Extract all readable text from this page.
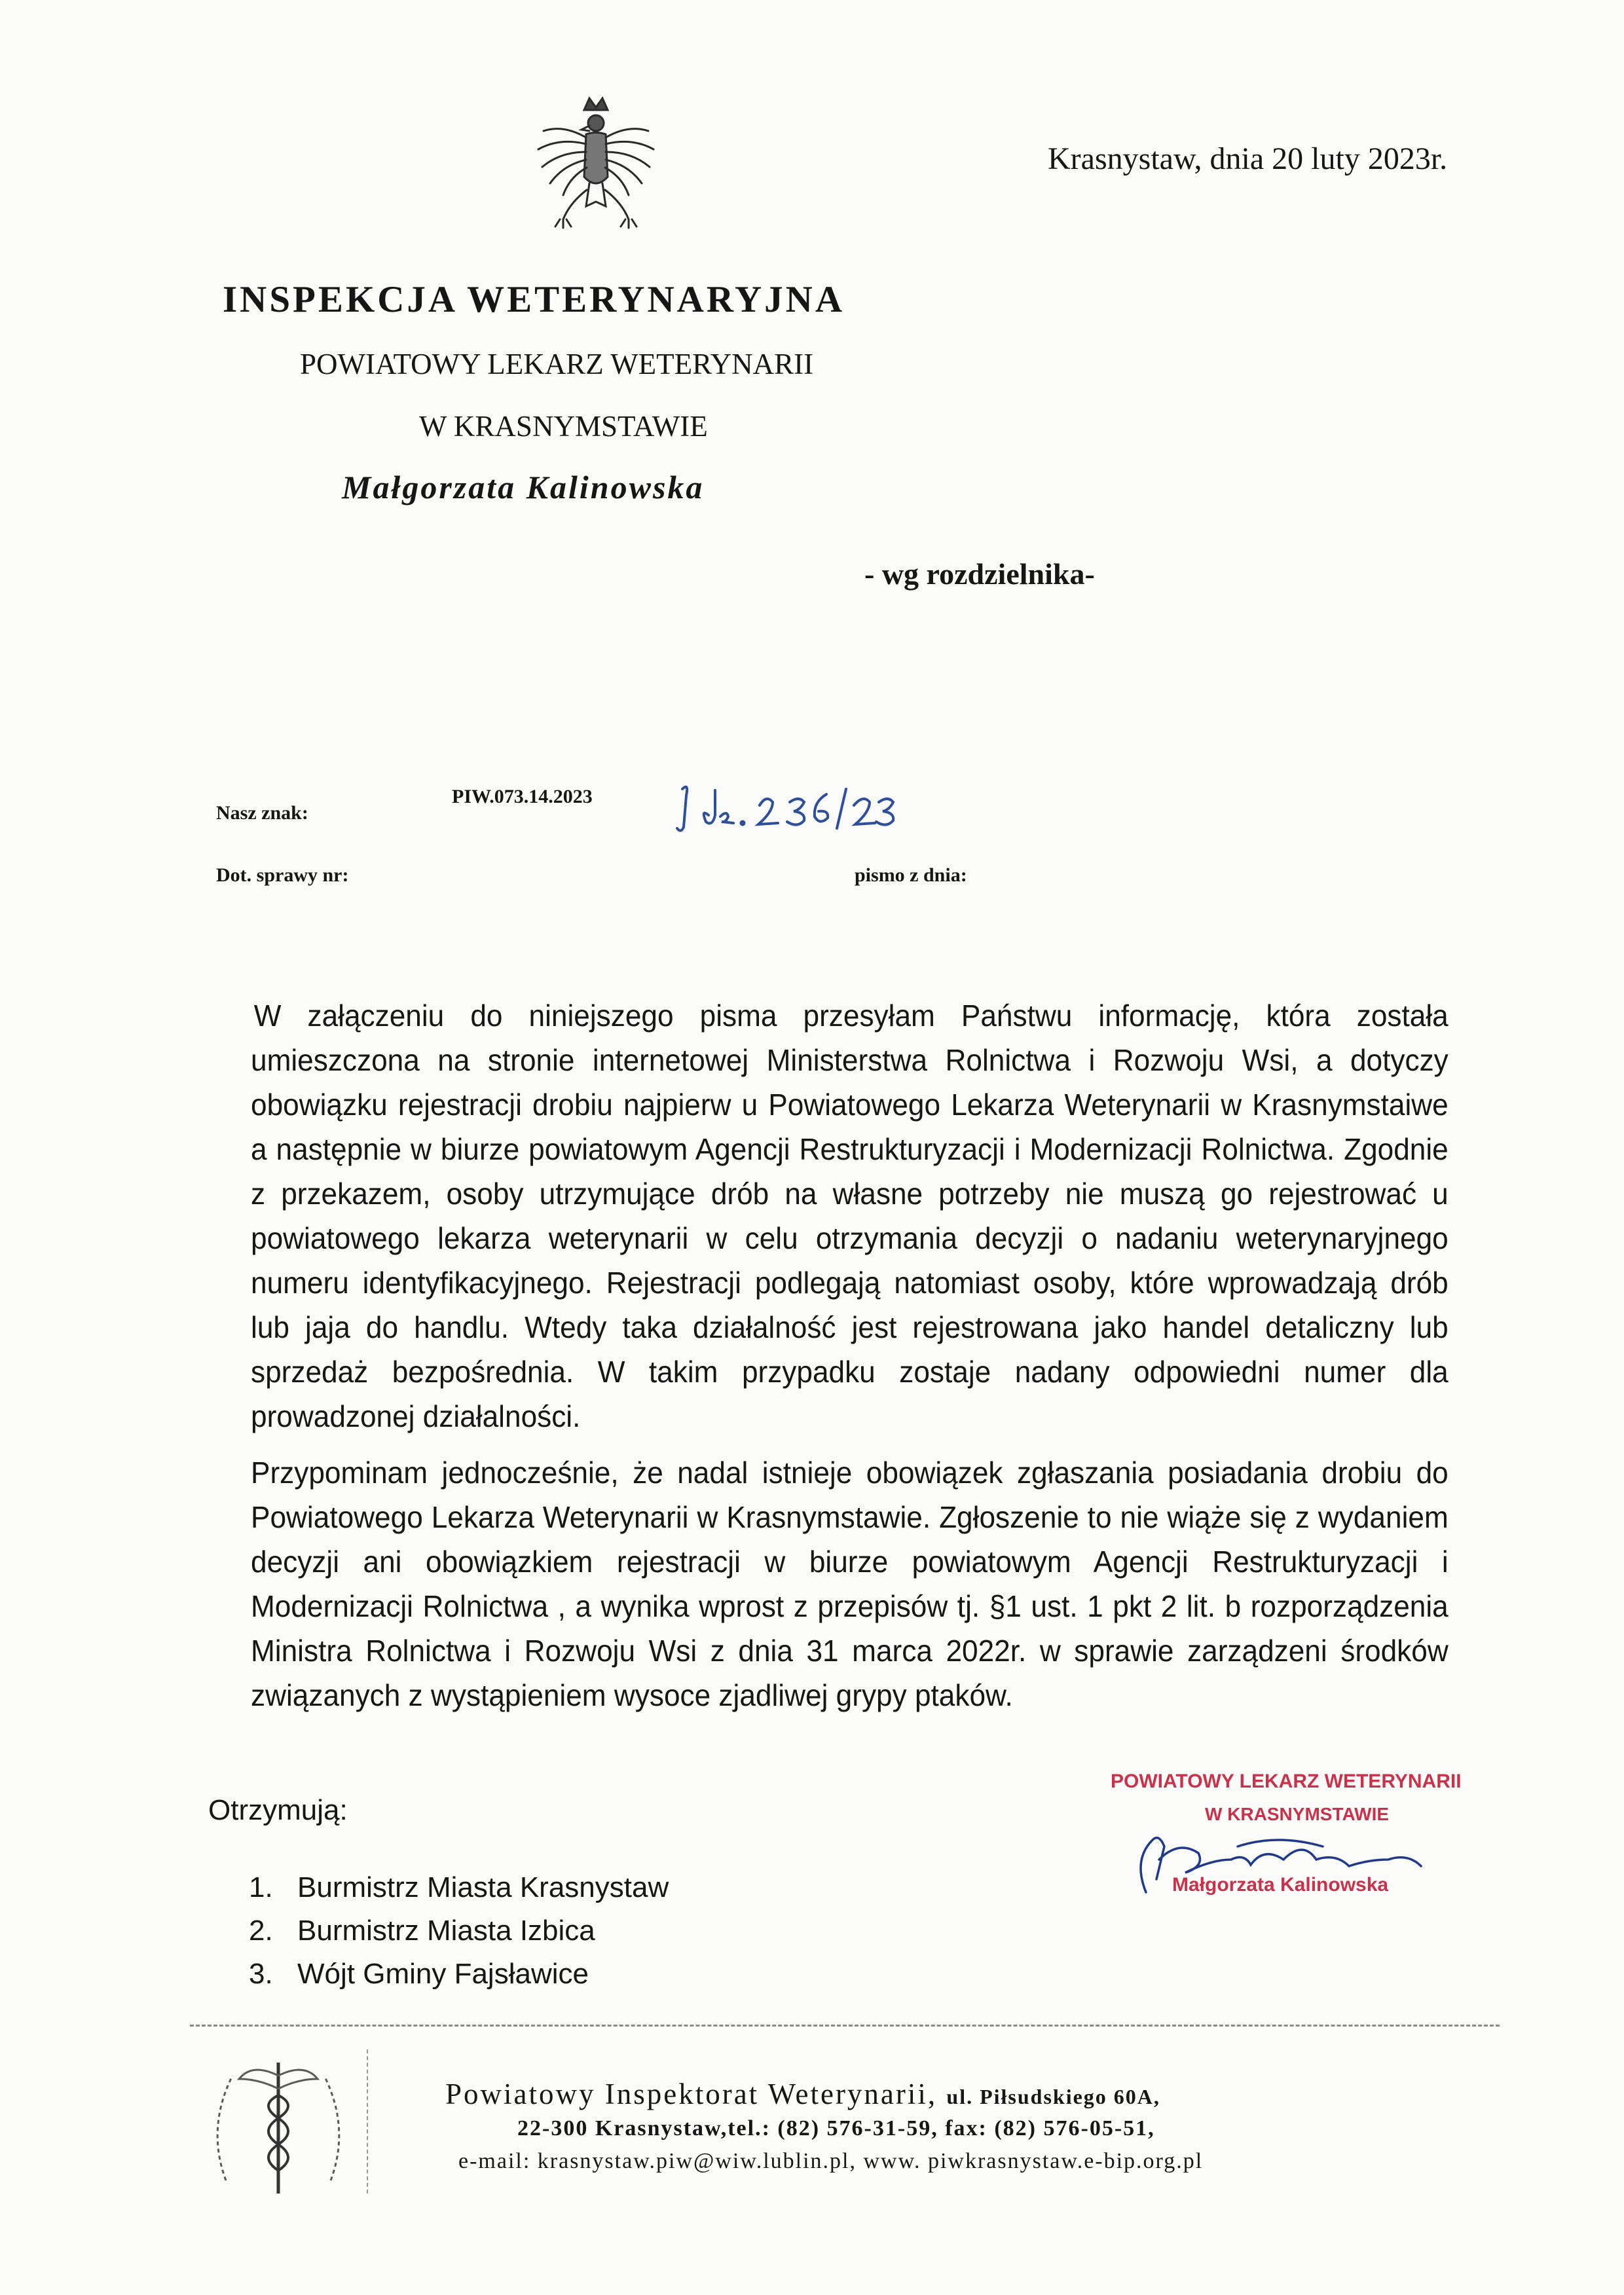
Krasnystaw, dnia 20 luty 2023r.
INSPEKCJA WETERYNARYJNA
POWIATOWY LEKARZ WETERYNARII
W KRASNYMSTAWIE
Małgorzata Kalinowska
- wg rozdzielnika-
Nasz znak:
PIW.073.14.2023
Dot. sprawy nr:	pismo z dnia:

W załączeniu do niniejszego pisma przesyłam Państwu informację, która została umieszczona na stronie internetowej Ministerstwa Rolnictwa i Rozwoju Wsi, a dotyczy obowiązku rejestracji drobiu najpierw u Powiatowego Lekarza Weterynarii w Krasnymstaiwe a następnie w biurze powiatowym Agencji Restrukturyzacji i Modernizacji Rolnictwa. Zgodnie z przekazem, osoby utrzymujące drób na własne potrzeby nie muszą go rejestrować u powiatowego lekarza weterynarii w celu otrzymania decyzji o nadaniu weterynaryjnego numeru identyfikacyjnego. Rejestracji podlegają natomiast osoby, które wprowadzają drób lub jaja do handlu. Wtedy taka działalność jest rejestrowana jako handel detaliczny lub sprzedaż bezpośrednia. W takim przypadku zostaje nadany odpowiedni numer dla prowadzonej działalności.

Przypominam jednocześnie, że nadal istnieje obowiązek zgłaszania posiadania drobiu do Powiatowego Lekarza Weterynarii w Krasnymstawie. Zgłoszenie to nie wiąże się z wydaniem decyzji ani obowiązkiem rejestracji w biurze powiatowym Agencji Restrukturyzacji i Modernizacji Rolnictwa , a wynika wprost z przepisów tj. §1 ust. 1 pkt 2 lit. b rozporządzenia Ministra Rolnictwa i Rozwoju Wsi z dnia 31 marca 2022r. w sprawie zarządzeni środków związanych z wystąpieniem wysoce zjadliwej grypy ptaków.

Otrzymują:
1. Burmistrz Miasta Krasnystaw
2. Burmistrz Miasta Izbica
3. Wójt Gminy Fajsławice
POWIATOWY LEKARZ WETERYNARII
W KRASNYMSTAWIE
Małgorzata Kalinowska
Powiatowy Inspektorat Weterynarii, ul. Piłsudskiego 60A,
22-300 Krasnystaw,tel.: (82) 576-31-59, fax: (82) 576-05-51,
e-mail: krasnystaw.piw@wiw.lublin.pl, www. piwkrasnystaw.e-bip.org.pl
